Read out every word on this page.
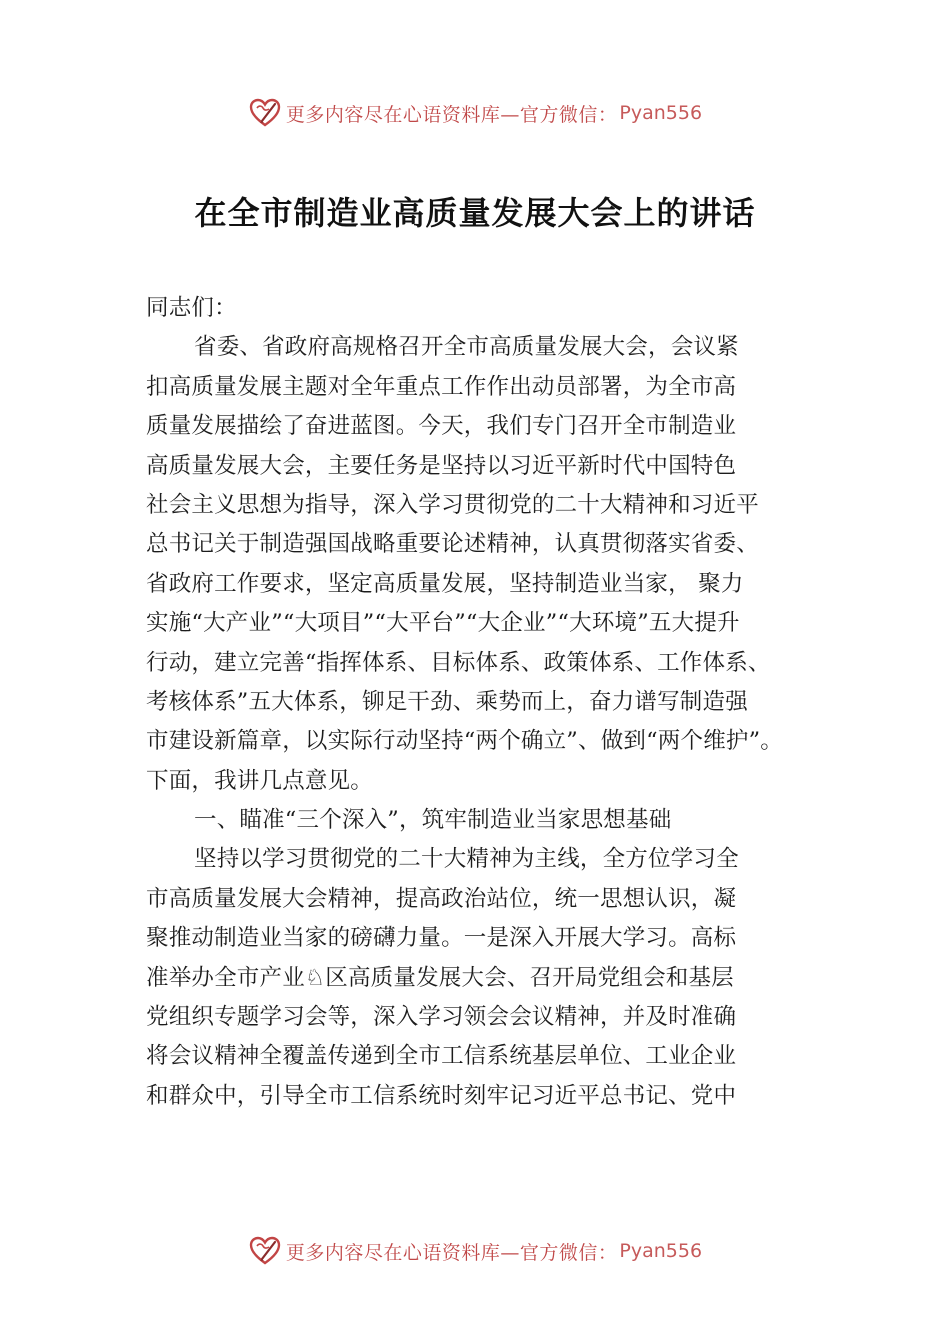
更多内容尽在心语资料库—官方微信： Pyan556
在全市制造业高质量发展大会上的讲话
同志们：
省委、省政府高规格召开全市高质量发展大会，会议紧
扣高质量发展主题对全年重点工作作出动员部署，为全市高
质量发展描绘了奋进蓝图。今天，我们专门召开全市制造业
高质量发展大会，主要任务是坚持以习近平新时代中国特色
社会主义思想为指导，深入学习贯彻党的二十大精神和习近平
总书记关于制造强国战略重要论述精神，认真贯彻落实省委、
省政府工作要求，坚定高质量发展，坚持制造业当家， 聚力
实施“大产业”“大项目”“大平台”“大企业”“大环境”五大提升
行动，建立完善“指挥体系、目标体系、政策体系、工作体系、
考核体系”五大体系，铆足干劲、乘势而上，奋力谱写制造强
市建设新篇章，以实际行动坚持“两个确立”、做到“两个维护”。
下面，我讲几点意见。
一、瞄准“三个深入”，筑牢制造业当家思想基础
坚持以学习贯彻党的二十大精神为主线，全方位学习全
市高质量发展大会精神，提高政治站位，统一思想认识，凝
聚推动制造业当家的磅礴力量。一是深入开展大学习。高标
准举办全市产业♘区高质量发展大会、召开局党组会和基层
党组织专题学习会等，深入学习领会会议精神，并及时准确
将会议精神全覆盖传递到全市工信系统基层单位、工业企业
和群众中，引导全市工信系统时刻牢记习近平总书记、党中
更多内容尽在心语资料库—官方微信： Pyan556
